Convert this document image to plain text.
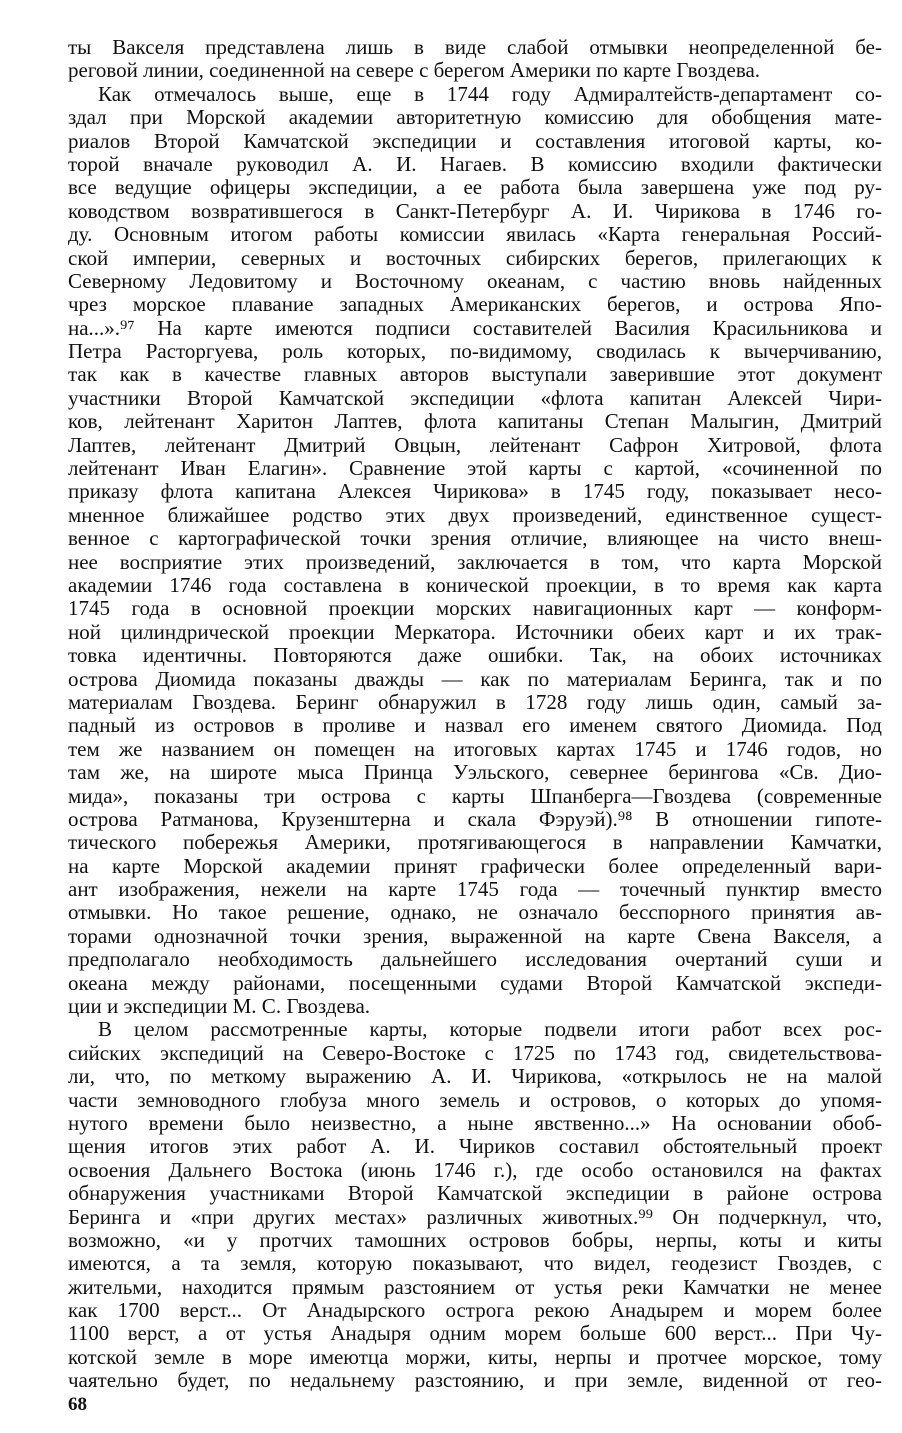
ты Вакселя представлена лишь в виде слабой отмывки неопределенной бе-
реговой линии, соединенной на севере с берегом Америки по карте Гвоздева.
Как отмечалось выше, еще в 1744 году Адмиралтейств-департамент со-
здал при Морской академии авторитетную комиссию для обобщения мате-
риалов Второй Камчатской экспедиции и составления итоговой карты, ко-
торой вначале руководил А. И. Нагаев. В комиссию входили фактически
все ведущие офицеры экспедиции, а ее работа была завершена уже под ру-
ководством возвратившегося в Санкт-Петербург А. И. Чирикова в 1746 го-
ду. Основным итогом работы комиссии явилась «Карта генеральная Россий-
ской империи, северных и восточных сибирских берегов, прилегающих к
Северному Ледовитому и Восточному океанам, с частию вновь найденных
чрез морское плавание западных Американских берегов, и острова Япо-
на...».⁹⁷ На карте имеются подписи составителей Василия Красильникова и
Петра Расторгуева, роль которых, по-видимому, сводилась к вычерчиванию,
так как в качестве главных авторов выступали заверившие этот документ
участники Второй Камчатской экспедиции «флота капитан Алексей Чири-
ков, лейтенант Харитон Лаптев, флота капитаны Степан Малыгин, Дмитрий
Лаптев, лейтенант Дмитрий Овцын, лейтенант Сафрон Хитровой, флота
лейтенант Иван Елагин». Сравнение этой карты с картой, «сочиненной по
приказу флота капитана Алексея Чирикова» в 1745 году, показывает несо-
мненное ближайшее родство этих двух произведений, единственное сущест-
венное с картографической точки зрения отличие, влияющее на чисто внеш-
нее восприятие этих произведений, заключается в том, что карта Морской
академии 1746 года составлена в конической проекции, в то время как карта
1745 года в основной проекции морских навигационных карт — конформ-
ной цилиндрической проекции Меркатора. Источники обеих карт и их трак-
товка идентичны. Повторяются даже ошибки. Так, на обоих источниках
острова Диомида показаны дважды — как по материалам Беринга, так и по
материалам Гвоздева. Беринг обнаружил в 1728 году лишь один, самый за-
падный из островов в проливе и назвал его именем святого Диомида. Под
тем же названием он помещен на итоговых картах 1745 и 1746 годов, но
там же, на широте мыса Принца Уэльского, севернее берингова «Св. Дио-
мида», показаны три острова с карты Шпанберга—Гвоздева (современные
острова Ратманова, Крузенштерна и скала Фэруэй).⁹⁸ В отношении гипоте-
тического побережья Америки, протягивающегося в направлении Камчатки,
на карте Морской академии принят графически более определенный вари-
ант изображения, нежели на карте 1745 года — точечный пунктир вместо
отмывки. Но такое решение, однако, не означало бесспорного принятия ав-
торами однозначной точки зрения, выраженной на карте Свена Вакселя, а
предполагало необходимость дальнейшего исследования очертаний суши и
океана между районами, посещенными судами Второй Камчатской экспеди-
ции и экспедиции М. С. Гвоздева.
В целом рассмотренные карты, которые подвели итоги работ всех рос-
сийских экспедиций на Северо-Востоке с 1725 по 1743 год, свидетельствова-
ли, что, по меткому выражению А. И. Чирикова, «открылось не на малой
части земноводного глобуза много земель и островов, о которых до упомя-
нутого времени было неизвестно, а ныне явственно...» На основании обоб-
щения итогов этих работ А. И. Чириков составил обстоятельный проект
освоения Дальнего Востока (июнь 1746 г.), где особо остановился на фактах
обнаружения участниками Второй Камчатской экспедиции в районе острова
Беринга и «при других местах» различных животных.⁹⁹ Он подчеркнул, что,
возможно, «и у протчих тамошних островов бобры, нерпы, коты и киты
имеются, а та земля, которую показывают, что видел, геодезист Гвоздев, с
жительми, находится прямым разстоянием от устья реки Камчатки не менее
как 1700 верст... От Анадырского острога рекою Анадырем и морем более
1100 верст, а от устья Анадыря одним морем больше 600 верст... При Чу-
котской земле в море имеютца моржи, киты, нерпы и протчее морское, тому
чаятельно будет, по недальнему разстоянию, и при земле, виденной от гео-
68
